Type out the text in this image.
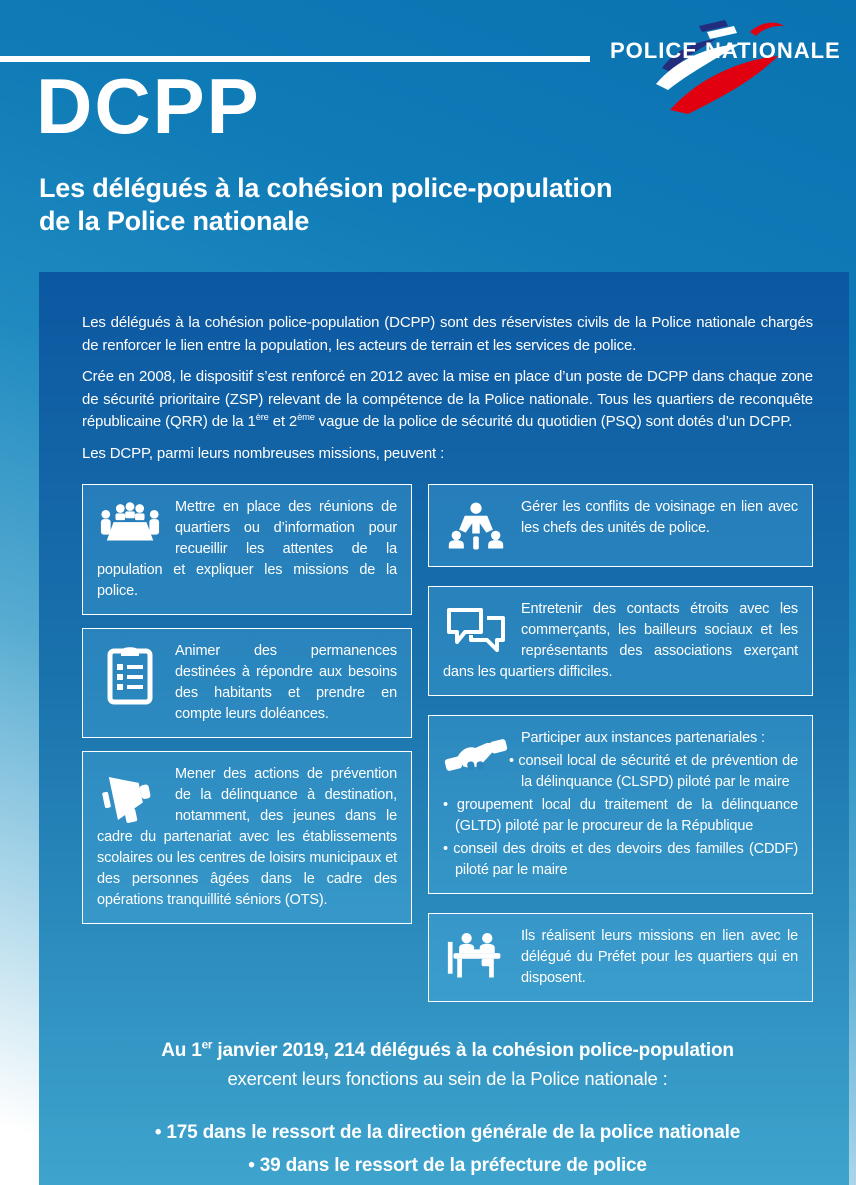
POLICE NATIONALE
DCPP
Les délégués à la cohésion police-population
de la Police nationale

Les délégués à la cohésion police-population (DCPP) sont des réservistes civils de la Police nationale chargés de renforcer le lien entre la population, les acteurs de terrain et les services de police.

Crée en 2008, le dispositif s’est renforcé en 2012 avec la mise en place d’un poste de DCPP dans chaque zone de sécurité prioritaire (ZSP) relevant de la compétence de la Police nationale. Tous les quartiers de reconquête républicaine (QRR) de la 1ère et 2ème vague de la police de sécurité du quotidien (PSQ) sont dotés d’un DCPP.

Les DCPP, parmi leurs nombreuses missions, peuvent :

Mettre en place des réunions de quartiers ou d’information pour recueillir les attentes de la population et expliquer les missions de la police.

Animer des permanences destinées à répondre aux besoins des habitants et prendre en compte leurs doléances.

Mener des actions de prévention de la délinquance à destination, notamment, des jeunes dans le cadre du partenariat avec les établissements scolaires ou les centres de loisirs municipaux et des personnes âgées dans le cadre des opérations tranquillité séniors (OTS).

Gérer les conflits de voisinage en lien avec les chefs des unités de police.

Entretenir des contacts étroits avec les commerçants, les bailleurs sociaux et les représentants des associations exerçant dans les quartiers difficiles.

Participer aux instances partenariales :

• conseil local de sécurité et de prévention de la délinquance (CLSPD) piloté par le maire
• groupement local du traitement de la délinquance (GLTD) piloté par le procureur de la République
• conseil des droits et des devoirs des familles (CDDF) piloté par le maire

Ils réalisent leurs missions en lien avec le délégué du Préfet pour les quartiers qui en disposent.

Au 1er janvier 2019, 214 délégués à la cohésion police-population
exercent leurs fonctions au sein de la Police nationale :
• 175 dans le ressort de la direction générale de la police nationale
• 39 dans le ressort de la préfecture de police
